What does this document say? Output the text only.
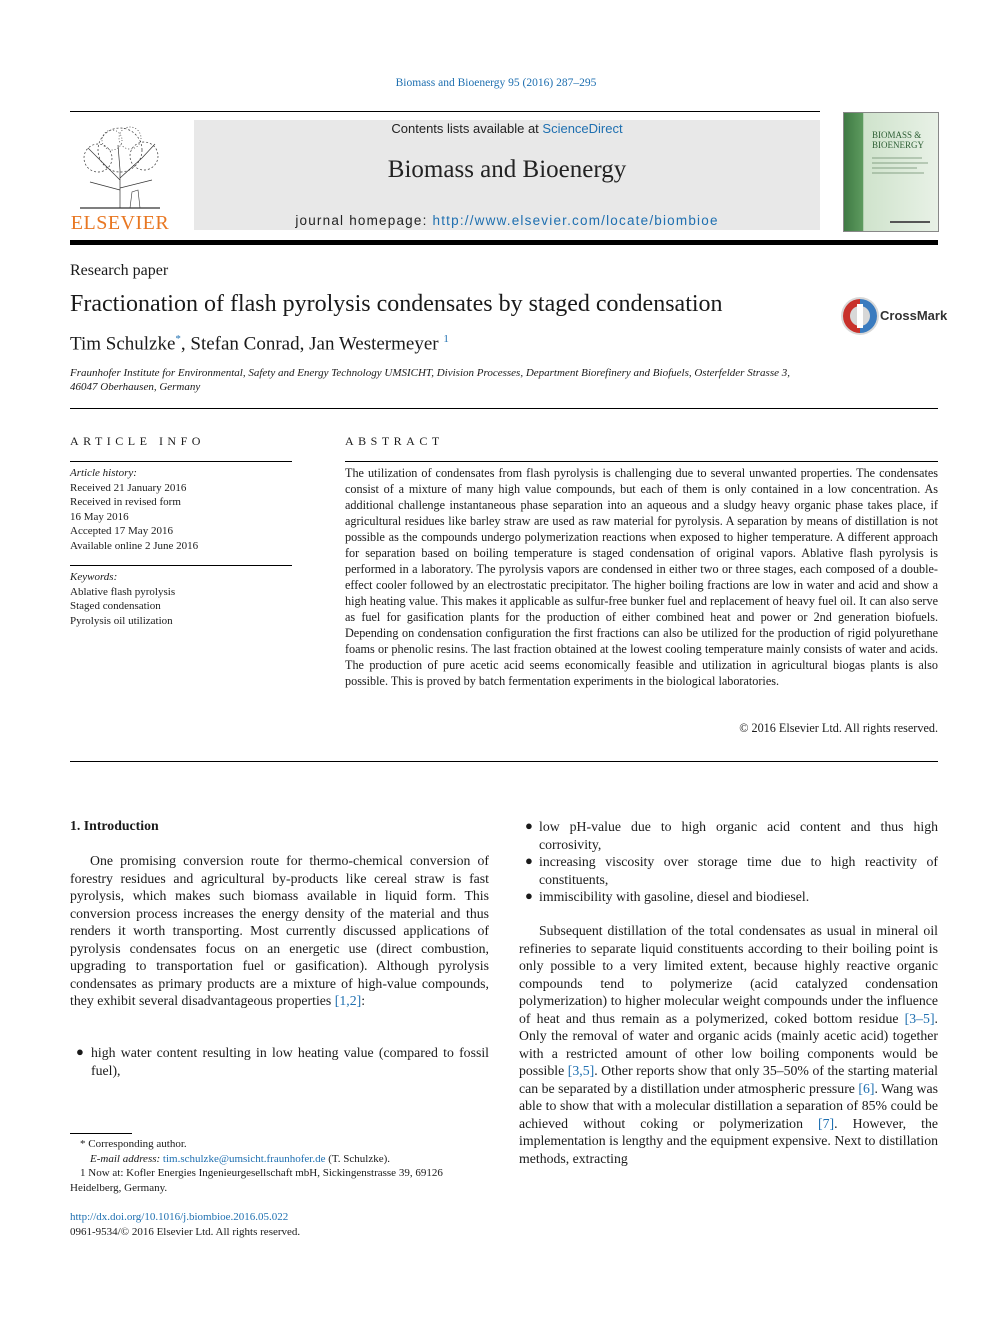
Biomass and Bioenergy 95 (2016) 287–295
ELSEVIER
Contents lists available at ScienceDirect
Biomass and Bioenergy
journal homepage: http://www.elsevier.com/locate/biombioe
BIOMASS &
BIOENERGY
Research paper
Fractionation of flash pyrolysis condensates by staged condensation	CrossMark
Tim Schulzke*, Stefan Conrad, Jan Westermeyer $^1$
Fraunhofer Institute for Environmental, Safety and Energy Technology UMSICHT, Division Processes, Department Biorefinery and Biofuels, Osterfelder Strasse 3, 46047 Oberhausen, Germany
ARTICLE INFO
Article history:
Received 21 January 2016
Received in revised form
16 May 2016
Accepted 17 May 2016
Available online 2 June 2016
Keywords:
Ablative flash pyrolysis
Staged condensation
Pyrolysis oil utilization
ABSTRACT
The utilization of condensates from flash pyrolysis is challenging due to several unwanted properties. The condensates consist of a mixture of many high value compounds, but each of them is only contained in a low concentration. As additional challenge instantaneous phase separation into an aqueous and a sludgy heavy organic phase takes place, if agricultural residues like barley straw are used as raw material for pyrolysis. A separation by means of distillation is not possible as the compounds undergo polymerization reactions when exposed to higher temperature. A different approach for separation based on boiling temperature is staged condensation of original vapors. Ablative flash pyrolysis is performed in a laboratory. The pyrolysis vapors are condensed in either two or three stages, each composed of a double-effect cooler followed by an electrostatic precipitator. The higher boiling fractions are low in water and acid and show a high heating value. This makes it applicable as sulfur-free bunker fuel and replacement of heavy fuel oil. It can also serve as fuel for gasification plants for the production of either combined heat and power or 2nd generation biofuels. Depending on condensation configuration the first fractions can also be utilized for the production of rigid polyurethane foams or phenolic resins. The last fraction obtained at the lowest cooling temperature mainly consists of water and acids. The production of pure acetic acid seems economically feasible and utilization in agricultural biogas plants is also possible. This is proved by batch fermentation experiments in the biological laboratories.
© 2016 Elsevier Ltd. All rights reserved.
1. Introduction
One promising conversion route for thermo-chemical conversion of forestry residues and agricultural by-products like cereal straw is fast pyrolysis, which makes such biomass available in liquid form. This conversion process increases the energy density of the material and thus renders it worth transporting. Most currently discussed applications of pyrolysis condensates focus on an energetic use (direct combustion, upgrading to transportation fuel or gasification). Although pyrolysis condensates as primary products are a mixture of high-value compounds, they exhibit several disadvantageous properties [1,2]:
● high water content resulting in low heating value (compared to fossil fuel),
* Corresponding author.
E-mail address: tim.schulzke@umsicht.fraunhofer.de (T. Schulzke).
1 Now at: Kofler Energies Ingenieurgesellschaft mbH, Sickingenstrasse 39, 69126 Heidelberg, Germany.
http://dx.doi.org/10.1016/j.biombioe.2016.05.022
0961-9534/© 2016 Elsevier Ltd. All rights reserved.
● low pH-value due to high organic acid content and thus high corrosivity,
● increasing viscosity over storage time due to high reactivity of constituents,
● immiscibility with gasoline, diesel and biodiesel.
Subsequent distillation of the total condensates as usual in mineral oil refineries to separate liquid constituents according to their boiling point is only possible to a very limited extent, because highly reactive organic compounds tend to polymerize (acid catalyzed condensation polymerization) to higher molecular weight compounds under the influence of heat and thus remain as a polymerized, coked bottom residue [3–5]. Only the removal of water and organic acids (mainly acetic acid) together with a restricted amount of other low boiling components would be possible [3,5]. Other reports show that only 35–50% of the starting material can be separated by a distillation under atmospheric pressure [6]. Wang was able to show that with a molecular distillation a separation of 85% could be achieved without coking or polymerization [7]. However, the implementation is lengthy and the equipment expensive. Next to distillation methods, extracting
